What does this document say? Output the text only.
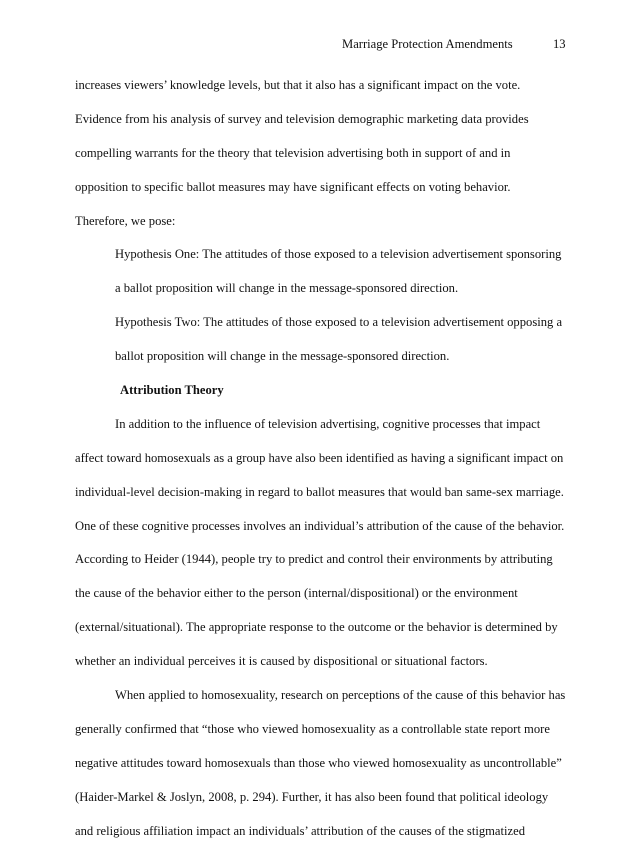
Marriage Protection Amendments	13
increases viewers’ knowledge levels, but that it also has a significant impact on the vote.
Evidence from his analysis of survey and television demographic marketing data provides
compelling warrants for the theory that television advertising both in support of and in
opposition to specific ballot measures may have significant effects on voting behavior.
Therefore, we pose:
Hypothesis One: The attitudes of those exposed to a television advertisement sponsoring
a ballot proposition will change in the message-sponsored direction.
Hypothesis Two: The attitudes of those exposed to a television advertisement opposing a
ballot proposition will change in the message-sponsored direction.
Attribution Theory
In addition to the influence of television advertising, cognitive processes that impact
affect toward homosexuals as a group have also been identified as having a significant impact on
individual-level decision-making in regard to ballot measures that would ban same-sex marriage.
One of these cognitive processes involves an individual’s attribution of the cause of the behavior.
According to Heider (1944), people try to predict and control their environments by attributing
the cause of the behavior either to the person (internal/dispositional) or the environment
(external/situational). The appropriate response to the outcome or the behavior is determined by
whether an individual perceives it is caused by dispositional or situational factors.
When applied to homosexuality, research on perceptions of the cause of this behavior has
generally confirmed that “those who viewed homosexuality as a controllable state report more
negative attitudes toward homosexuals than those who viewed homosexuality as uncontrollable”
(Haider-Markel & Joslyn, 2008, p. 294). Further, it has also been found that political ideology
and religious affiliation impact an individuals’ attribution of the causes of the stigmatized
